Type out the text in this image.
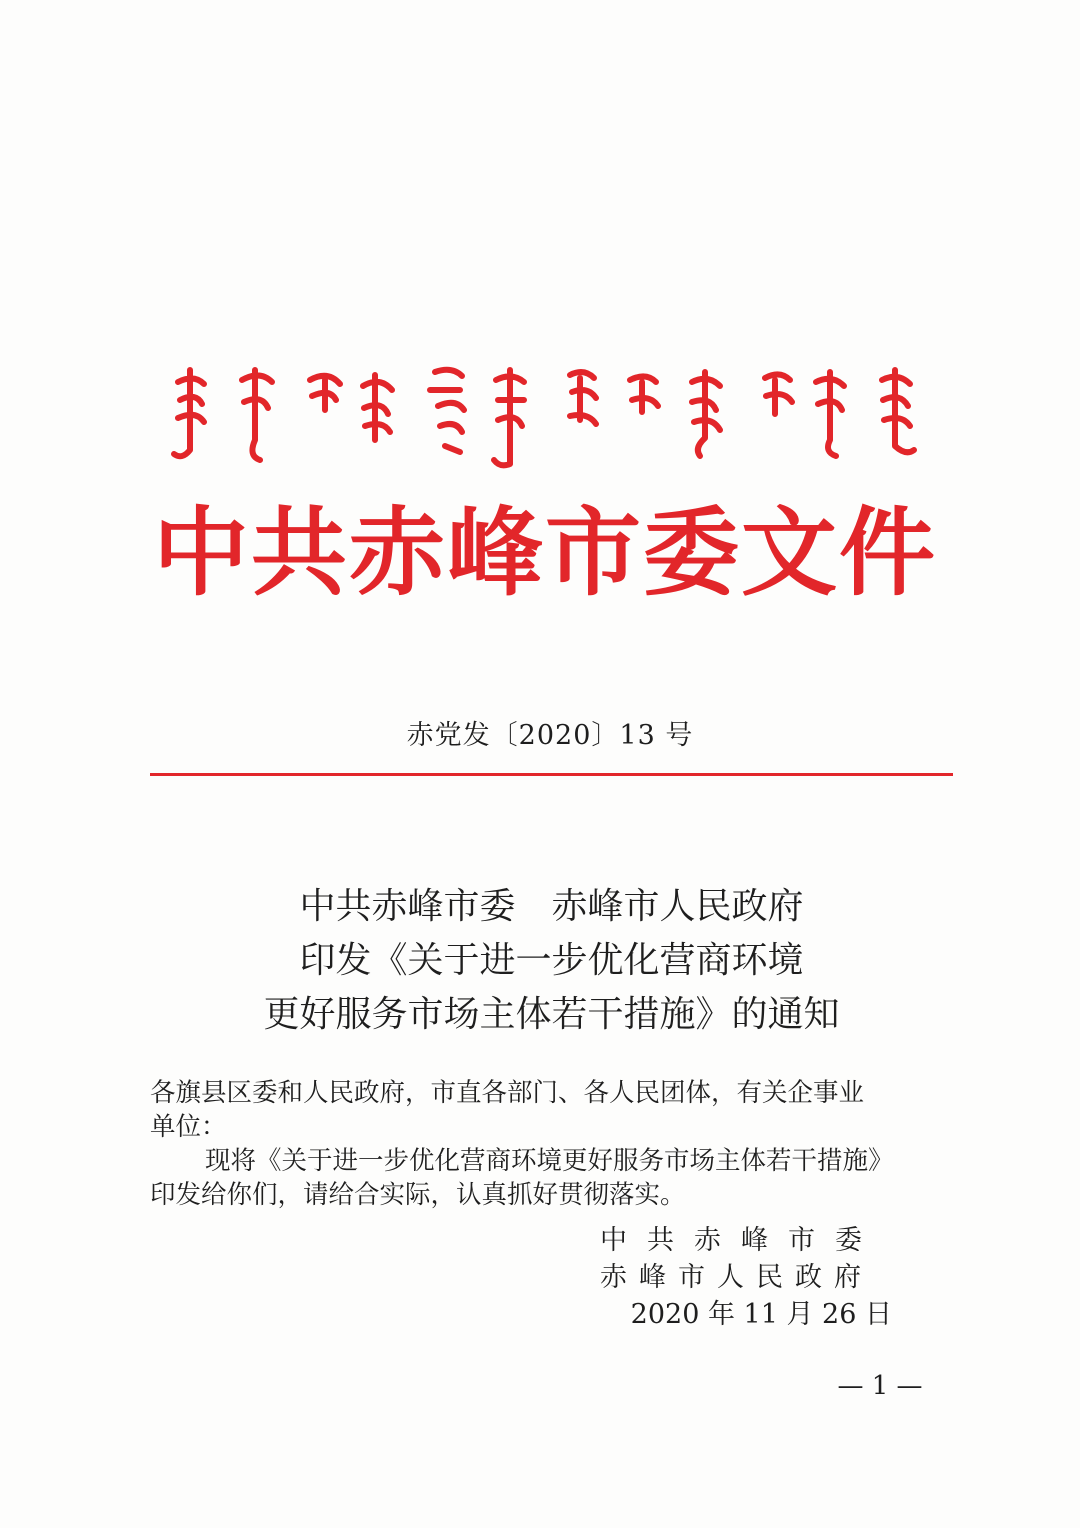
中共赤峰市委文件
赤党发〔2020〕13 号
中共赤峰市委 赤峰市人民政府
印发《关于进一步优化营商环境
更好服务市场主体若干措施》的通知

各旗县区委和人民政府，市直各部门、各人民团体，有关企事业

单位：

现将《关于进一步优化营商环境更好服务市场主体若干措施》

印发给你们，请给合实际，认真抓好贯彻落实。

中共赤峰市委
赤峰市人民政府
2020 年 11 月 26 日
— 1 —
